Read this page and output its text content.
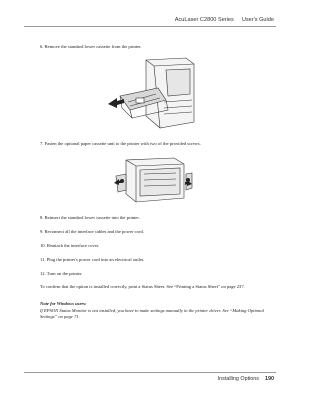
AcuLaser C2800 Series User's Guide
6. Remove the standard lower cassette from the printer.
7. Fasten the optional paper cassette unit to the printer with two of the provided screws.
8. Reinsert the standard lower cassette into the printer.
9. Reconnect all the interface cables and the power cord.
10. Reattach the interface cover.
11. Plug the printer's power cord into an electrical outlet.
12. Turn on the printer.
To confirm that the option is installed correctly, print a Status Sheet. See “Printing a Status Sheet” on page 237.
Note for Windows users:
If EPSON Status Monitor is not installed, you have to make settings manually in the printer driver. See “Making Optional Settings” on page 71.
Installing Options 190
